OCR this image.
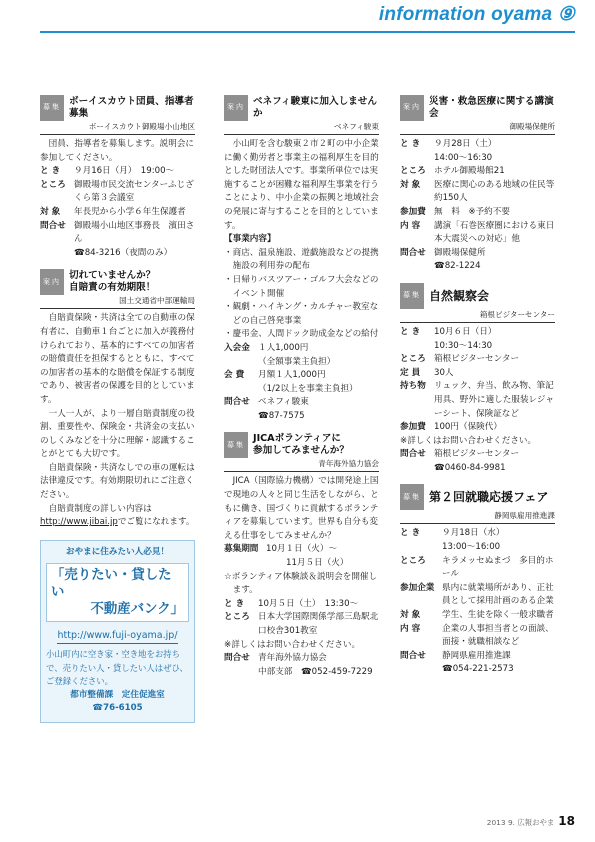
information oyama ⑨
募集
ボーイスカウト団員、指導者募集
ボーイスカウト御殿場小山地区

団員、指導者を募集します。説明会に参加してください。

と き	９月16日（月）　19:00～
ところ 御殿場市民交流センターふじざくら第３会議室
対 象	年長児から小学６年生保護者
問合せ 御殿場小山地区事務長　濱田さん
☎84-3216（夜間のみ）
案内
切れていませんか？
自賠責の有効期限！
国土交通省中部運輸局

自賠責保険・共済は全ての自動車の保有者に、自動車１台ごとに加入が義務付けられており、基本的にすべての加害者の賠償責任を担保するとともに、すべての加害者の基本的な賠償を保証する制度であり、被害者の保護を目的としています。

一人一人が、より一層自賠責制度の役割、重要性や、保険金・共済金の支払いのしくみなどを十分に理解・認識することがとても大切です。

自賠責保険・共済なしでの車の運転は法律違反です。有効期限切れにご注意ください。

自賠責制度の詳しい内容は

http://www.jibai.jpでご覧になれます。
おやまに住みたい人必見！
「売りたい・貸したい
不動産バンク」
http://www.fuji-oyama.jp/
小山町内に空き家・空き地をお持ちで、売りたい人・貸したい人はぜひ、ご登録ください。
都市整備課　定住促進室
☎76-6105
案内
ベネフィ駿東に加入しませんか
ベネフィ駿東

小山町を含む駿東２市２町の中小企業に働く勤労者と事業主の福利厚生を目的とした財団法人です。事業所単位では実施することが困難な福利厚生事業を行うことにより、中小企業の振興と地域社会の発展に寄与することを目的としています。

【事業内容】
・商店、温泉施設、遊戯施設などの提携施設の利用券の配布
・日帰りバスツアー・ゴルフ大会などのイベント開催
・観劇・ハイキング・カルチャー教室などの自己啓発事業
・慶弔金、人間ドック助成金などの給付
入会金 １人1,000円
（全額事業主負担）
会 費	月額１人1,000円
（1/2以上を事業主負担）
問合せ ベネフィ駿東
☎87-7575
募集
JICAボランティアに
参加してみませんか？
青年海外協力協会

JICA（国際協力機構）では開発途上国で現地の人々と同じ生活をしながら、ともに働き、国づくりに貢献するボランティアを募集しています。世界も自分も変える仕事をしてみませんか？

募集期間 10月１日（火）～
11月５日（火）
☆ボランティア体験談＆説明会を開催します。
と き	10月５日（土）　13:30～
ところ 日本大学国際関係学部三島駅北口校舎301教室
※詳しくはお問い合わせください。
問合せ 青年海外協力協会
中部支部　☎052-459-7229
案内
災害・救急医療に関する講演会
御殿場保健所
と き	９月28日（土）
14:00～16:30
ところ ホテル御殿場館21
対 象	医療に関心のある地域の住民等約150人
参加費 無　料　※予約不要
内 容	講演「石巻医療圏における東日本大震災への対応」他
問合せ 御殿場保健所
☎82-1224
募集 自然観察会
箱根ビジターセンター
と き	10月６日（日）
10:30～14:30
ところ 箱根ビジターセンター
定 員	30人
持ち物 リュック、弁当、飲み物、筆記用具、野外に適した服装レジャーシート、保険証など
参加費 100円（保険代）
※詳しくはお問い合わせください。
問合せ 箱根ビジターセンター
☎0460-84-9981
募集 第２回就職応援フェア
静岡県雇用推進課
と き	９月18日（水）
13:00～16:00
ところ	キラメッセぬまづ　多目的ホール
参加企業 県内に就業場所があり、正社員として採用計画のある企業
対 象	学生、生徒を除く一般求職者
内 容	企業の人事担当者との面談、面接・就職相談など
問合せ	静岡県雇用推進課
☎054-221-2573
2013 9. 広報おやま 18
